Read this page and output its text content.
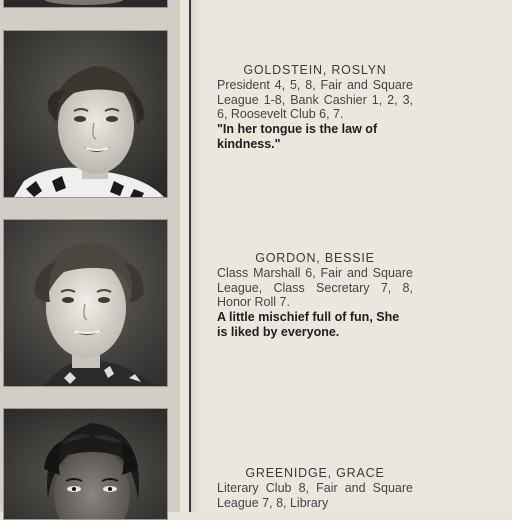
GOLDSTEIN, ROSLYN
President 4, 5, 8, Fair and Square League 1-8, Bank Cashier 1, 2, 3, 6, Roosevelt Club 6, 7.
"In her tongue is the law of kindness."
GORDON, BESSIE
Class Marshall 6, Fair and Square League, Class Secretary 7, 8, Honor Roll 7.
A little mischief full of fun, She is liked by everyone.
GREENIDGE, GRACE
Literary Club 8, Fair and Square League 7, 8, Library
